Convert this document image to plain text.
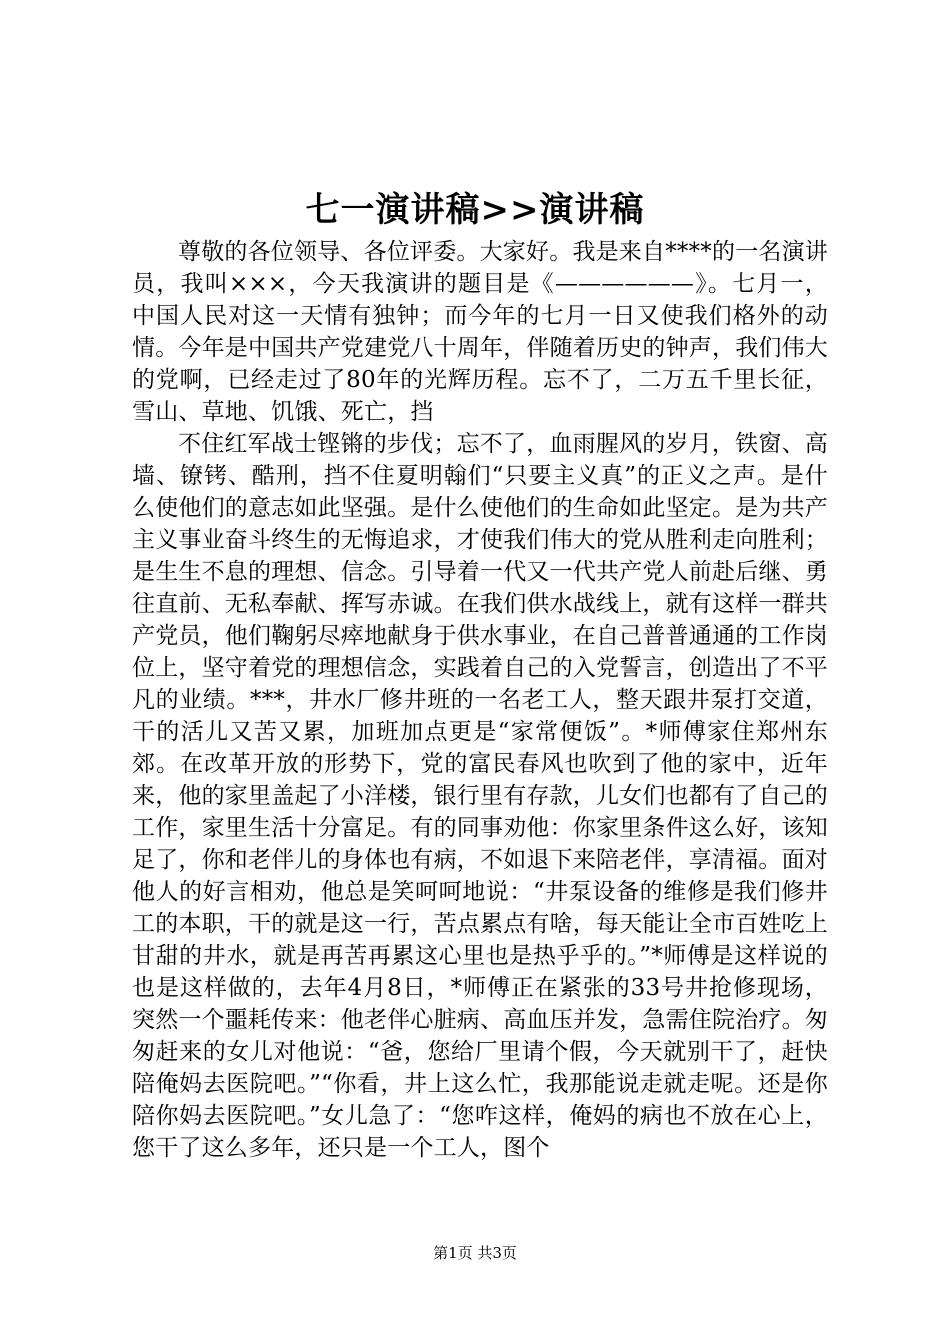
七一演讲稿>>演讲稿

尊敬的各位领导、各位评委。大家好。我是来自****的一名演讲员，我叫×××，今天我演讲的题目是《——————》。七月一，中国人民对这一天情有独钟；而今年的七月一日又使我们格外的动情。今年是中国共产党建党八十周年，伴随着历史的钟声，我们伟大的党啊，已经走过了80年的光辉历程。忘不了，二万五千里长征，雪山、草地、饥饿、死亡，挡

不住红军战士铿锵的步伐；忘不了，血雨腥风的岁月，铁窗、高墙、镣铐、酷刑，挡不住夏明翰们“只要主义真”的正义之声。是什么使他们的意志如此坚强。是什么使他们的生命如此坚定。是为共产主义事业奋斗终生的无悔追求，才使我们伟大的党从胜利走向胜利；是生生不息的理想、信念。引导着一代又一代共产党人前赴后继、勇往直前、无私奉献、挥写赤诚。在我们供水战线上，就有这样一群共产党员，他们鞠躬尽瘁地献身于供水事业，在自己普普通通的工作岗位上，坚守着党的理想信念，实践着自己的入党誓言，创造出了不平凡的业绩。***，井水厂修井班的一名老工人，整天跟井泵打交道，干的活儿又苦又累，加班加点更是“家常便饭”。*师傅家住郑州东郊。在改革开放的形势下，党的富民春风也吹到了他的家中，近年来，他的家里盖起了小洋楼，银行里有存款，儿女们也都有了自己的工作，家里生活十分富足。有的同事劝他：你家里条件这么好，该知足了，你和老伴儿的身体也有病，不如退下来陪老伴，享清福。面对他人的好言相劝，他总是笑呵呵地说：“井泵设备的维修是我们修井工的本职，干的就是这一行，苦点累点有啥，每天能让全市百姓吃上甘甜的井水，就是再苦再累这心里也是热乎乎的。”*师傅是这样说的也是这样做的，去年4月8日，*师傅正在紧张的33号井抢修现场，突然一个噩耗传来：他老伴心脏病、高血压并发，急需住院治疗。匆匆赶来的女儿对他说：“爸，您给厂里请个假，今天就别干了，赶快陪俺妈去医院吧。”“你看，井上这么忙，我那能说走就走呢。还是你陪你妈去医院吧。”女儿急了：“您咋这样，俺妈的病也不放在心上，您干了这么多年，还只是一个工人，图个

第1页 共3页
